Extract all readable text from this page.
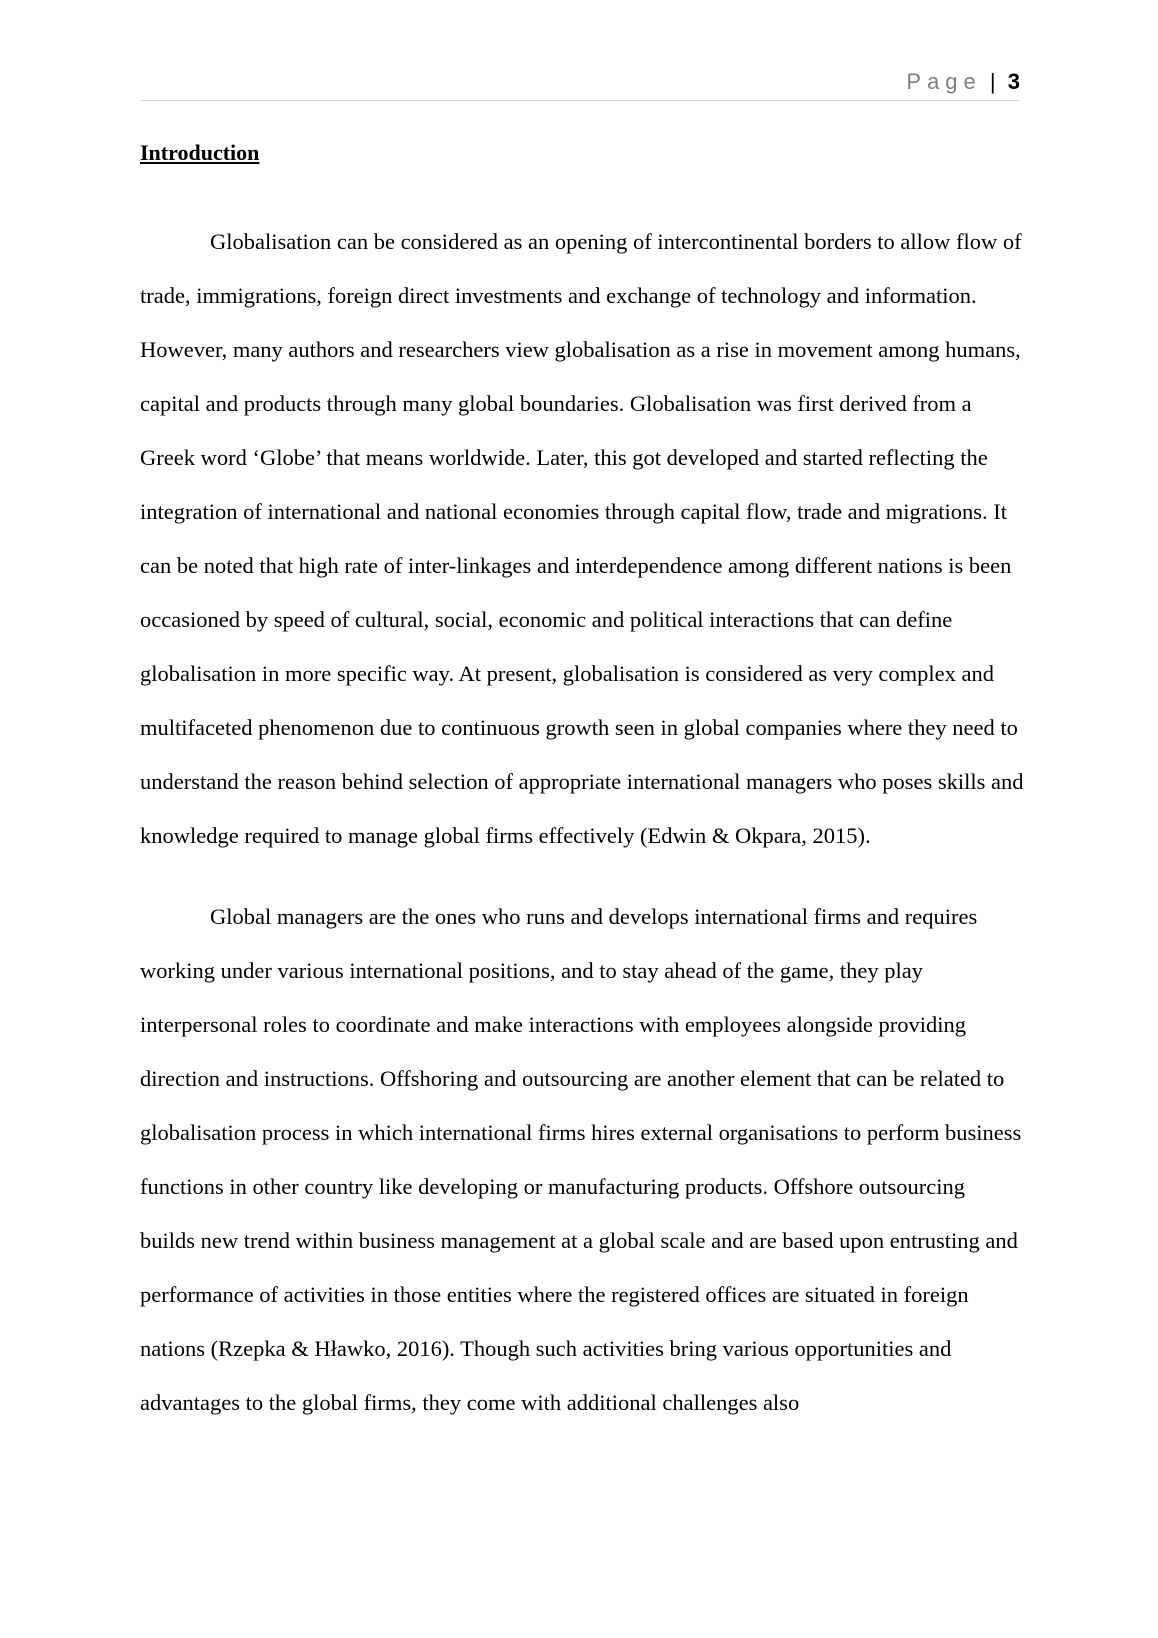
Page | 3
Introduction

Globalisation can be considered as an opening of intercontinental borders to allow flow of trade, immigrations, foreign direct investments and exchange of technology and information. However, many authors and researchers view globalisation as a rise in movement among humans, capital and products through many global boundaries. Globalisation was first derived from a Greek word ‘Globe’ that means worldwide. Later, this got developed and started reflecting the integration of international and national economies through capital flow, trade and migrations. It can be noted that high rate of inter-linkages and interdependence among different nations is been occasioned by speed of cultural, social, economic and political interactions that can define globalisation in more specific way. At present, globalisation is considered as very complex and multifaceted phenomenon due to continuous growth seen in global companies where they need to understand the reason behind selection of appropriate international managers who poses skills and knowledge required to manage global firms effectively (Edwin & Okpara, 2015).

Global managers are the ones who runs and develops international firms and requires working under various international positions, and to stay ahead of the game, they play interpersonal roles to coordinate and make interactions with employees alongside providing direction and instructions. Offshoring and outsourcing are another element that can be related to globalisation process in which international firms hires external organisations to perform business functions in other country like developing or manufacturing products. Offshore outsourcing builds new trend within business management at a global scale and are based upon entrusting and performance of activities in those entities where the registered offices are situated in foreign nations (Rzepka & Hławko, 2016). Though such activities bring various opportunities and advantages to the global firms, they come with additional challenges also
